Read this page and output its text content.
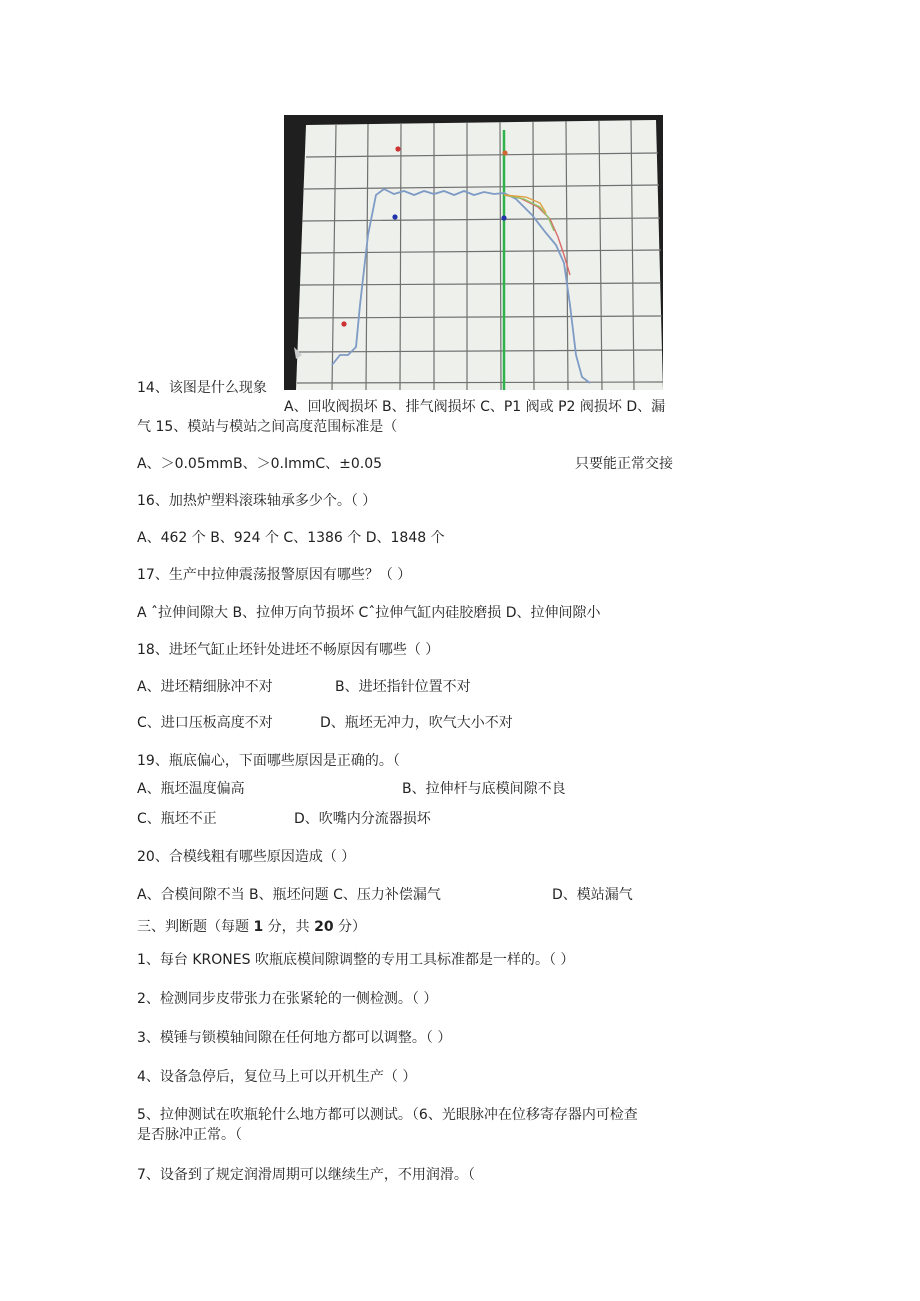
14、该图是什么现象
A、回收阀损坏 B、排气阀损坏 C、P1 阀或 P2 阀损坏 D、漏
气 15、模站与模站之间高度范围标准是（
A、＞0.05mmB、＞0.ImmC、±0.05	只要能正常交接
16、加热炉塑料滚珠轴承多少个。（ ）
A、462 个 B、924 个 C、1386 个 D、1848 个
17、生产中拉伸震荡报警原因有哪些？（ ）
A ˆ拉伸间隙大 B、拉伸万向节损坏 Cˆ拉伸气缸内硅胶磨损 D、拉伸间隙小
18、进坯气缸止坯针处进坯不畅原因有哪些（ ）
A、进坯精细脉冲不对	B、进坯指针位置不对
C、进口压板高度不对	D、瓶坯无冲力，吹气大小不对
19、瓶底偏心，下面哪些原因是正确的。（
A、瓶坯温度偏高	B、拉伸杆与底模间隙不良
C、瓶坯不正	D、吹嘴内分流器损坏
20、合模线粗有哪些原因造成（ ）
A、合模间隙不当 B、瓶坯问题 C、压力补偿漏气	D、模站漏气
三、判断题（每题 1 分，共 20 分）
1、每台 KRONES 吹瓶底模间隙调整的专用工具标准都是一样的。（ ）
2、检测同步皮带张力在张紧轮的一侧检测。（ ）
3、模锤与锁模轴间隙在任何地方都可以调整。（ ）
4、设备急停后，复位马上可以开机生产（ ）
5、拉伸测试在吹瓶轮什么地方都可以测试。（6、光眼脉冲在位移寄存器内可检查
是否脉冲正常。（
7、设备到了规定润滑周期可以继续生产，不用润滑。（
